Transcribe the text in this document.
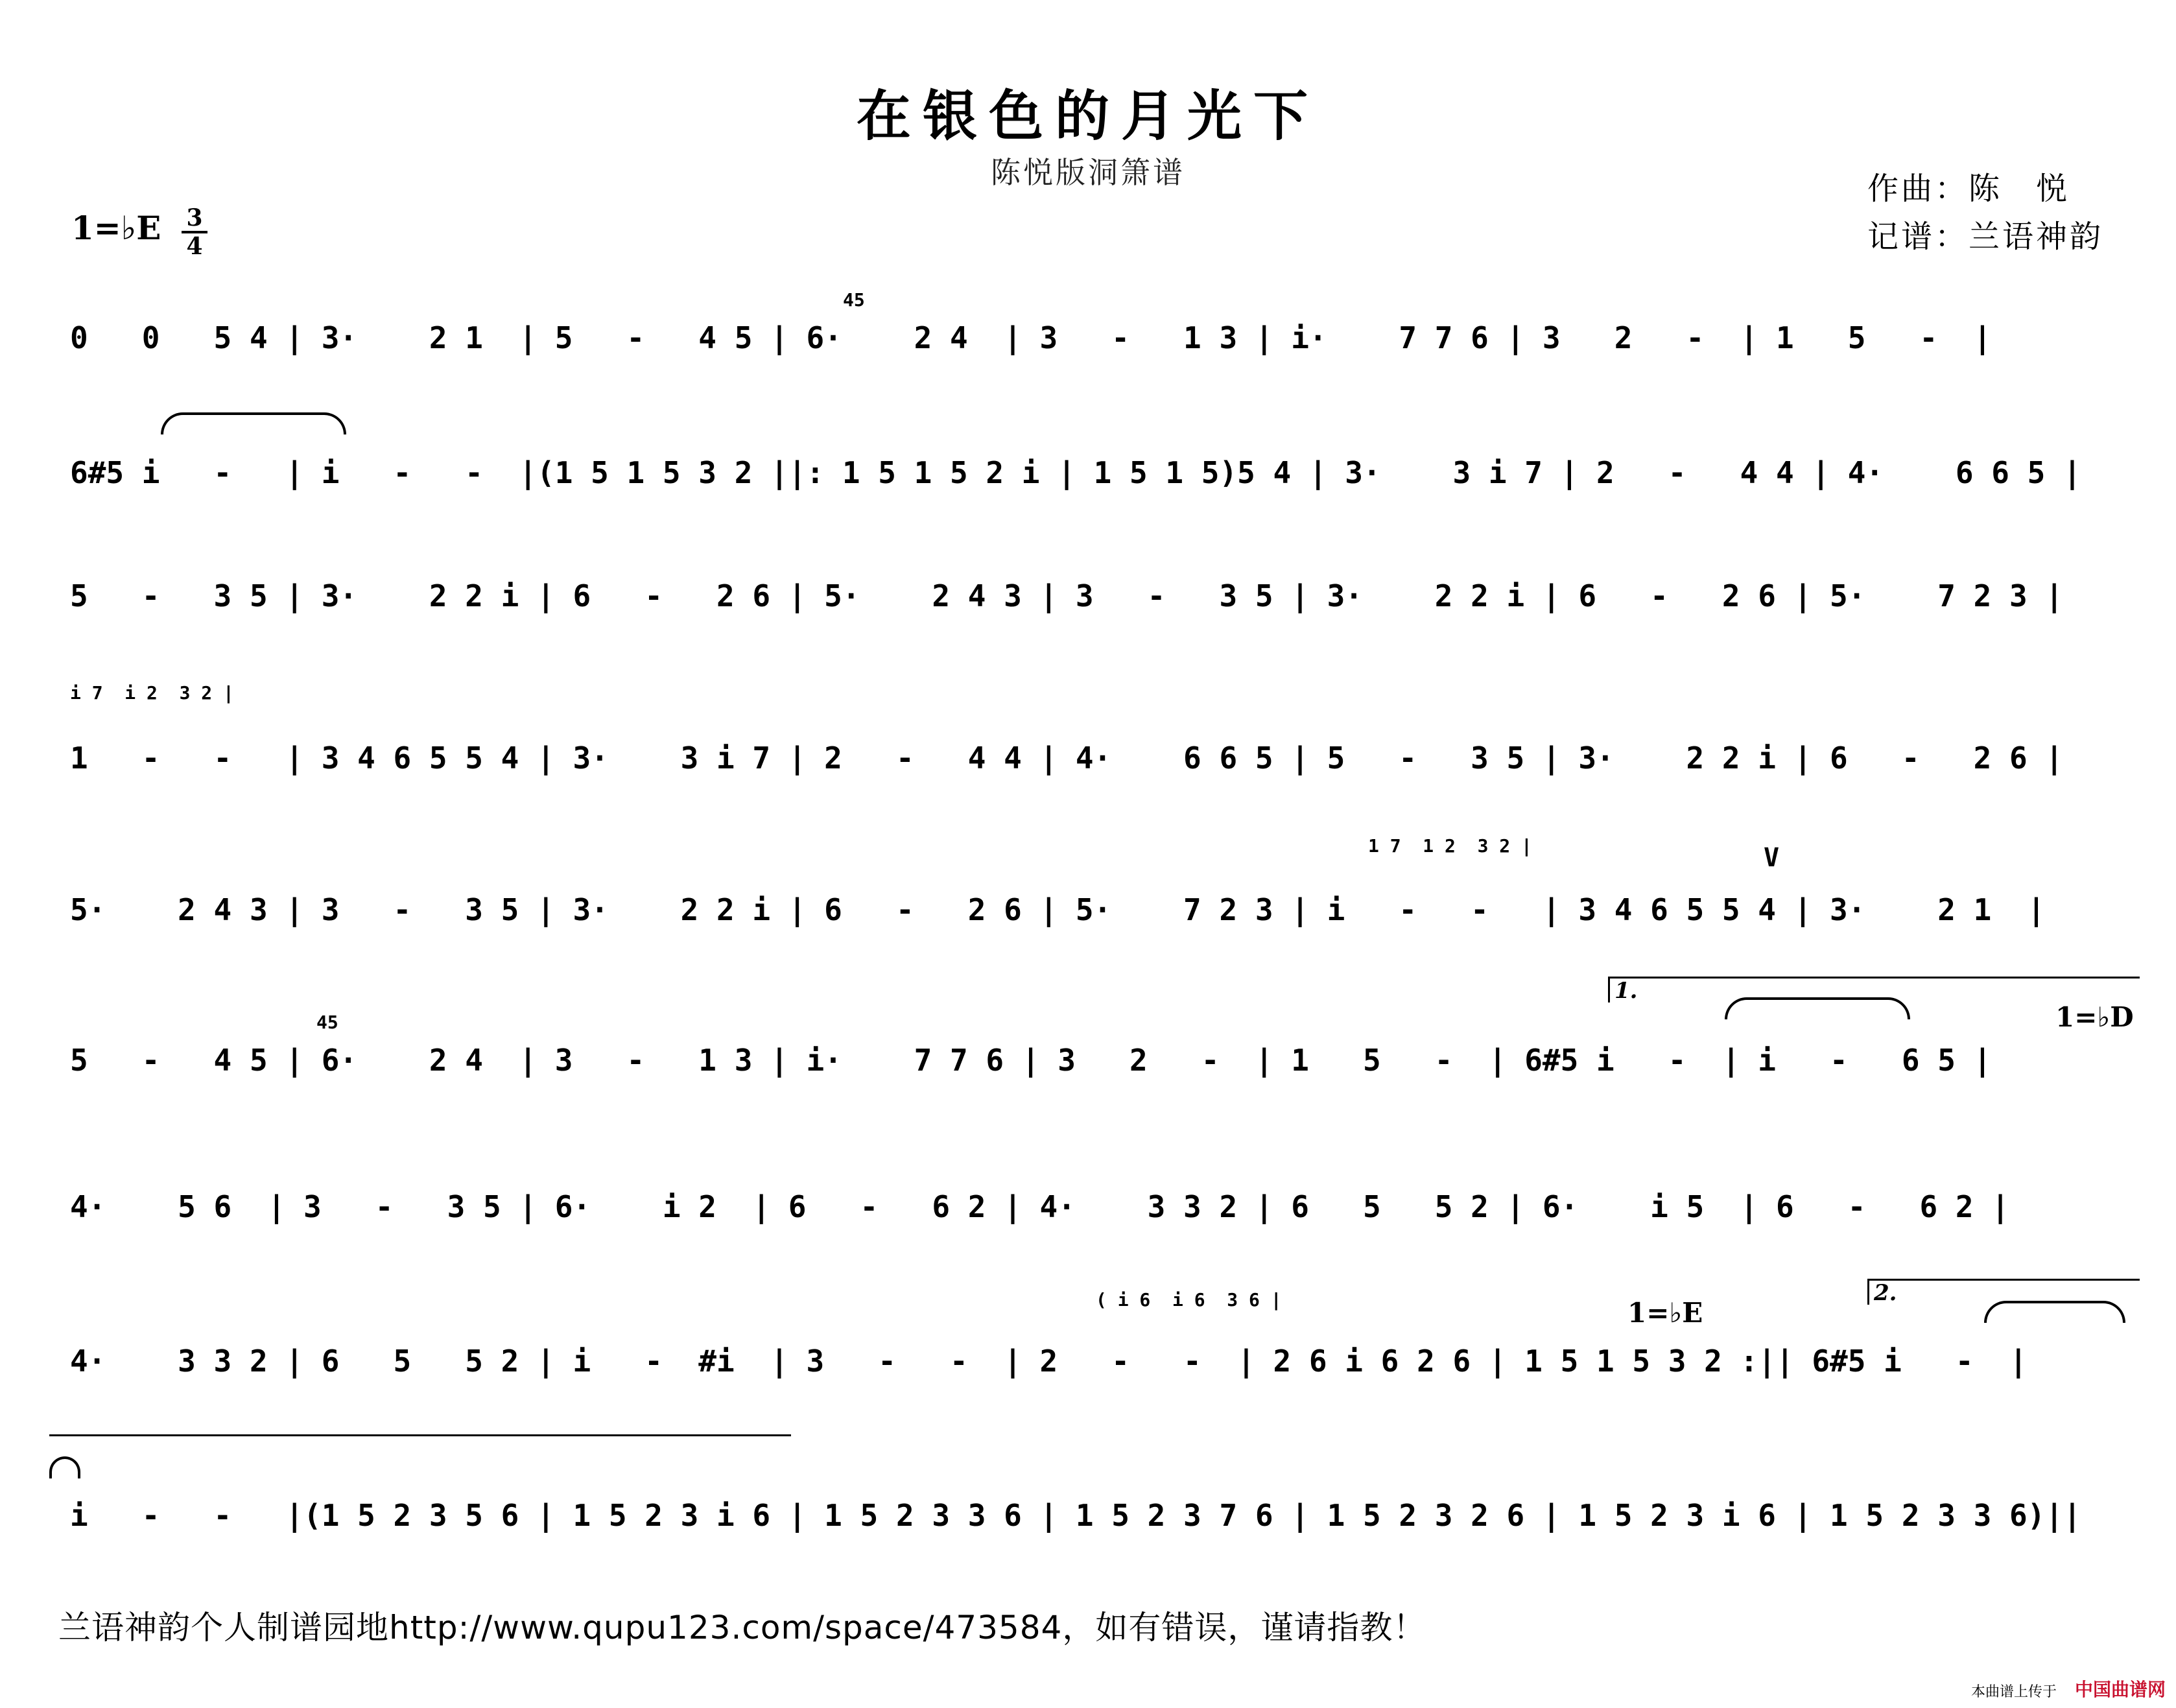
在银色的月光下
陈悦版洞箫谱	作曲：陈　悦
记谱：兰语神韵
1=♭E 3
4
0   0   5 4 | 3·    2 1  | 5   -   4 5 | 6·    2 4  | 3   -   1 3 | i·    7 7 6 | 3   2   -  | 1   5   -  |
6#5 i   -   | i   -   -  |(1 5 1 5 3 2 ||: 1 5 1 5 2 i | 1 5 1 5)5 4 | 3·    3 i 7 | 2   -   4 4 | 4·    6 6 5 |
5   -   3 5 | 3·    2 2 i | 6   -   2 6 | 5·    2 4 3 | 3   -   3 5 | 3·    2 2 i | 6   -   2 6 | 5·    7 2 3 |
1   -   -   | 3 4 6 5 5 4 | 3·    3 i 7 | 2   -   4 4 | 4·    6 6 5 | 5   -   3 5 | 3·    2 2 i | 6   -   2 6 |
5·    2 4 3 | 3   -   3 5 | 3·    2 2 i | 6   -   2 6 | 5·    7 2 3 | i   -   -   | 3 4 6 5 5 4 | 3·    2 1  |
5   -   4 5 | 6·    2 4  | 3   -   1 3 | i·    7 7 6 | 3   2   -  | 1   5   -  | 6#5 i   -  | i   -   6 5 |
4·    5 6  | 3   -   3 5 | 6·    i 2  | 6   -   6 2 | 4·    3 3 2 | 6   5   5 2 | 6·    i 5  | 6   -   6 2 |
4·    3 3 2 | 6   5   5 2 | i   -  #i  | 3   -   -  | 2   -   -  | 2 6 i 6 2 6 | 1 5 1 5 3 2 :|| 6#5 i   -  |
i   -   -   |(1 5 2 3 5 6 | 1 5 2 3 i 6 | 1 5 2 3 3 6 | 1 5 2 3 7 6 | 1 5 2 3 2 6 | 1 5 2 3 i 6 | 1 5 2 3 3 6)||
45
i 7  i 2  3 2 |
1 7  1 2  3 2 |
45
( i 6  i 6  3 6 |
V
1.
1=♭D
2.
1=♭E
兰语神韵个人制谱园地http://www.qupu123.com/space/473584，如有错误，谨请指教！
本曲谱上传于 中国曲谱网
